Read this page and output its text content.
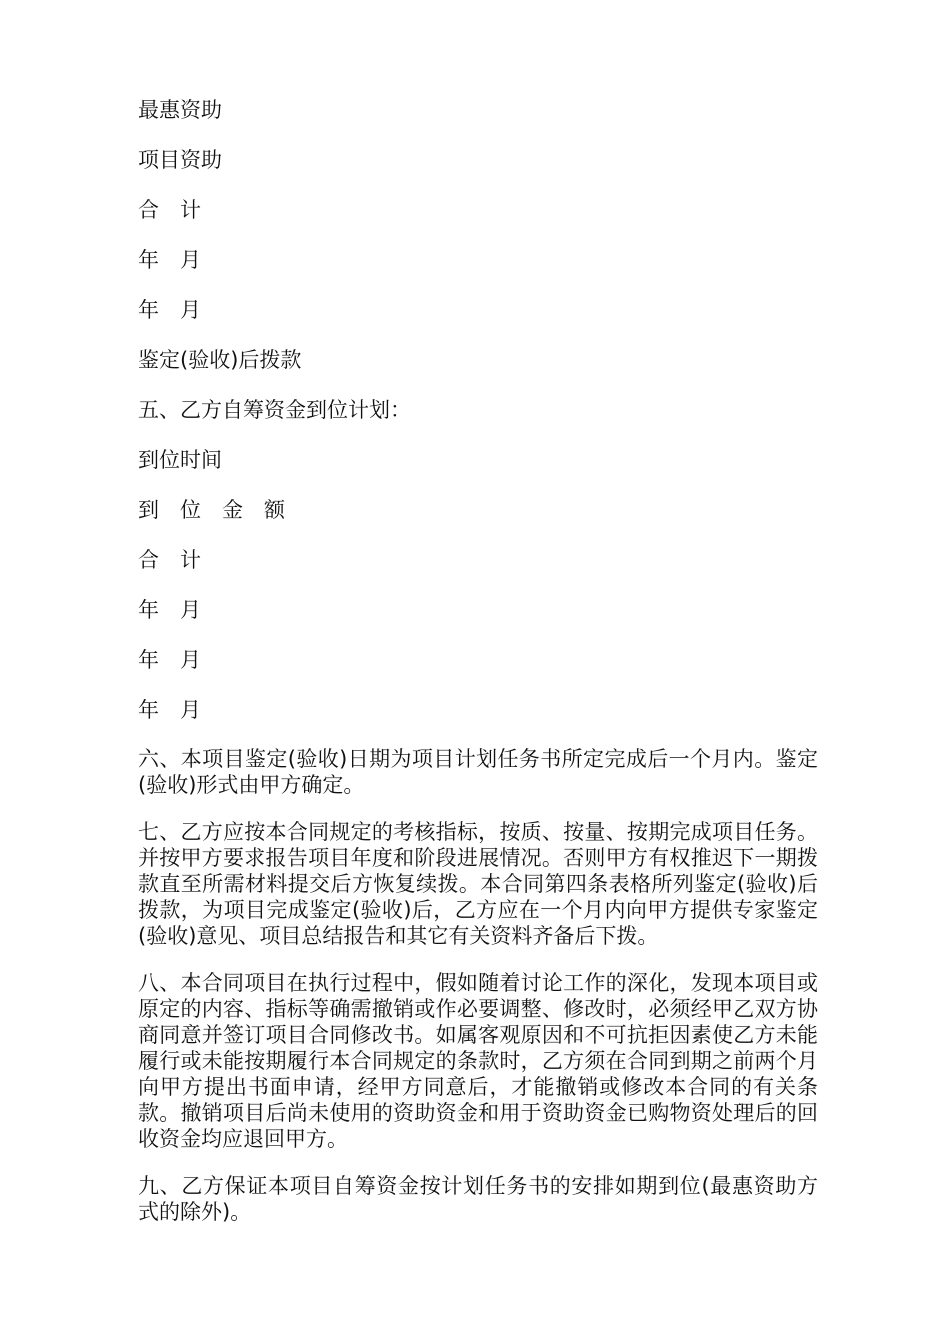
最惠资助

项目资助

合　计

年　月

年　月

鉴定(验收)后拨款

五、乙方自筹资金到位计划：

到位时间

到　位　金　额

合　计

年　月

年　月

年　月

六、本项目鉴定(验收)日期为项目计划任务书所定完成后一个月内。鉴定(验收)形式由甲方确定。

七、乙方应按本合同规定的考核指标，按质、按量、按期完成项目任务。并按甲方要求报告项目年度和阶段进展情况。否则甲方有权推迟下一期拨款直至所需材料提交后方恢复续拨。本合同第四条表格所列鉴定(验收)后拨款，为项目完成鉴定(验收)后，乙方应在一个月内向甲方提供专家鉴定(验收)意见、项目总结报告和其它有关资料齐备后下拨。

八、本合同项目在执行过程中，假如随着讨论工作的深化，发现本项目或原定的内容、指标等确需撤销或作必要调整、修改时，必须经甲乙双方协商同意并签订项目合同修改书。如属客观原因和不可抗拒因素使乙方未能履行或未能按期履行本合同规定的条款时，乙方须在合同到期之前两个月向甲方提出书面申请，经甲方同意后，才能撤销或修改本合同的有关条款。撤销项目后尚未使用的资助资金和用于资助资金已购物资处理后的回收资金均应退回甲方。

九、乙方保证本项目自筹资金按计划任务书的安排如期到位(最惠资助方式的除外)。
